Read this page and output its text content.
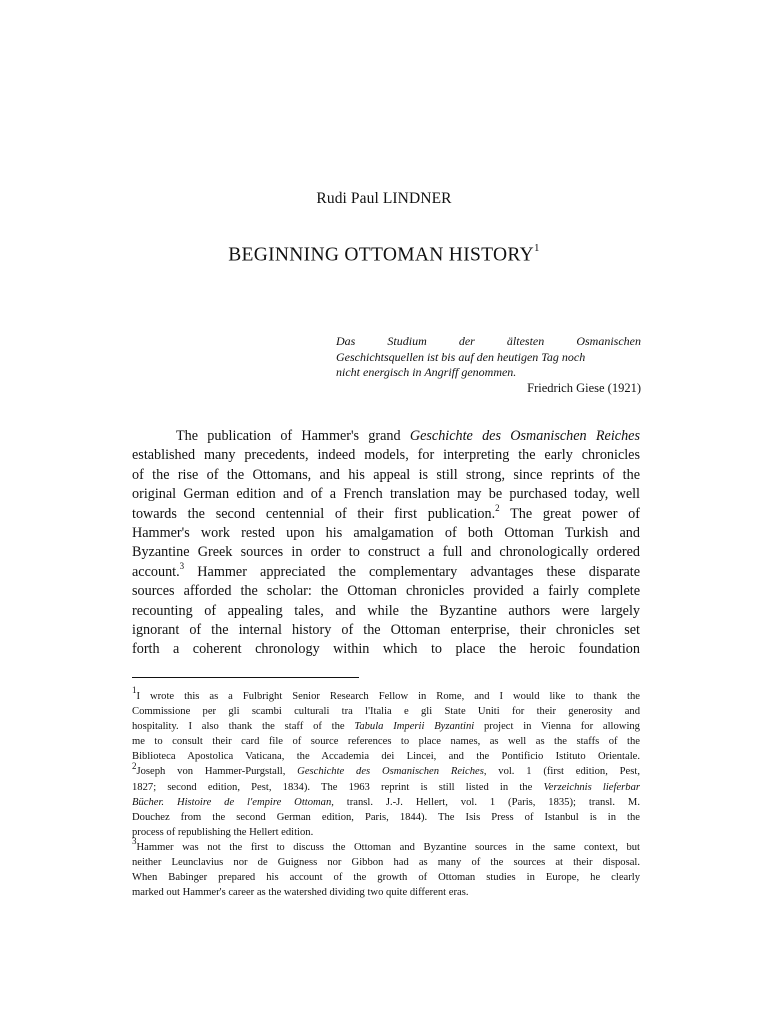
Rudi Paul LINDNER
BEGINNING OTTOMAN HISTORY$^1$
Das Studium der ältesten Osmanischen
Geschichtsquellen ist bis auf den heutigen Tag noch
nicht energisch in Angriff genommen.
Friedrich Giese (1921)
The publication of Hammer's grand Geschichte des Osmanischen Reiches
established many precedents, indeed models, for interpreting the early chronicles
of the rise of the Ottomans, and his appeal is still strong, since reprints of the
original German edition and of a French translation may be purchased today, well
towards the second centennial of their first publication.$^2$ The great power of
Hammer's work rested upon his amalgamation of both Ottoman Turkish and
Byzantine Greek sources in order to construct a full and chronologically ordered
account.$^3$ Hammer appreciated the complementary advantages these disparate
sources afforded the scholar: the Ottoman chronicles provided a fairly complete
recounting of appealing tales, and while the Byzantine authors were largely
ignorant of the internal history of the Ottoman enterprise, their chronicles set
forth a coherent chronology within which to place the heroic foundation
$^1$I wrote this as a Fulbright Senior Research Fellow in Rome, and I would like to thank the
Commissione per gli scambi culturali tra l'Italia e gli State Uniti for their generosity and
hospitality. I also thank the staff of the Tabula Imperii Byzantini project in Vienna for allowing
me to consult their card file of source references to place names, as well as the staffs of the
Biblioteca Apostolica Vaticana, the Accademia dei Lincei, and the Pontificio Istituto Orientale.
$^2$Joseph von Hammer-Purgstall, Geschichte des Osmanischen Reiches, vol. 1 (first edition, Pest,
1827; second edition, Pest, 1834). The 1963 reprint is still listed in the Verzeichnis lieferbar
Bücher. Histoire de l'empire Ottoman, transl. J.-J. Hellert, vol. 1 (Paris, 1835); transl. M.
Douchez from the second German edition, Paris, 1844). The Isis Press of Istanbul is in the
process of republishing the Hellert edition.
$^3$Hammer was not the first to discuss the Ottoman and Byzantine sources in the same context, but
neither Leunclavius nor de Guigness nor Gibbon had as many of the sources at their disposal.
When Babinger prepared his account of the growth of Ottoman studies in Europe, he clearly
marked out Hammer's career as the watershed dividing two quite different eras.
